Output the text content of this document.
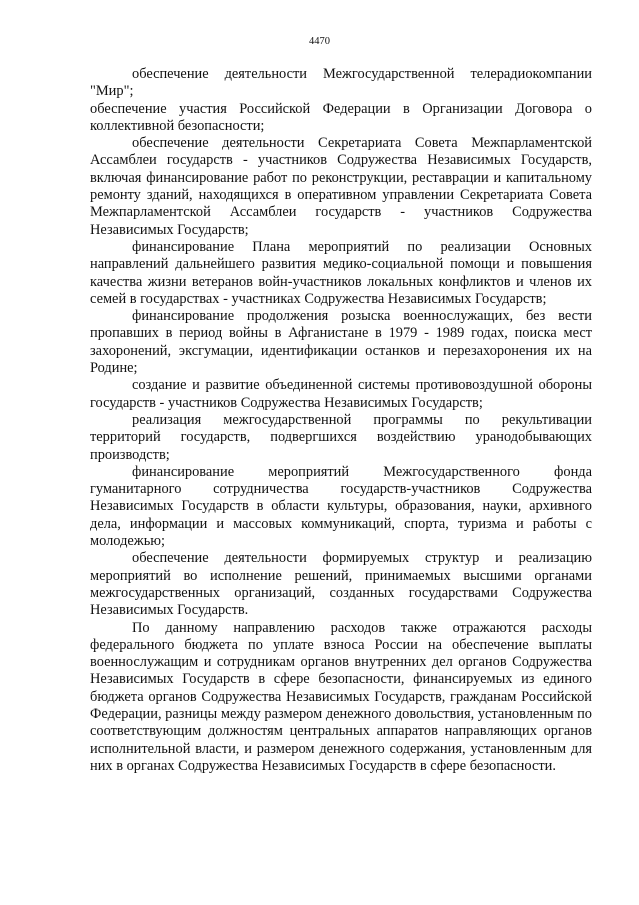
4470

обеспечение деятельности Межгосударственной телерадиокомпании "Мир";

обеспечение участия Российской Федерации в Организации Договора о коллективной безопасности;

обеспечение деятельности Секретариата Совета Межпарламентской Ассамблеи государств - участников Содружества Независимых Государств, включая финансирование работ по реконструкции, реставрации и капитальному ремонту зданий, находящихся в оперативном управлении Секретариата Совета Межпарламентской Ассамблеи государств - участников Содружества Независимых Государств;

финансирование Плана мероприятий по реализации Основных направлений дальнейшего развития медико-социальной помощи и повышения качества жизни ветеранов войн-участников локальных конфликтов и членов их семей в государствах - участниках Содружества Независимых Государств;

финансирование продолжения розыска военнослужащих, без вести пропавших в период войны в Афганистане в 1979 - 1989 годах, поиска мест захоронений, эксгумации, идентификации останков и перезахоронения их на Родине;

создание и развитие объединенной системы противовоздушной обороны государств - участников Содружества Независимых Государств;

реализация межгосударственной программы по рекультивации территорий государств, подвергшихся воздействию уранодобывающих производств;

финансирование мероприятий Межгосударственного фонда гуманитарного сотрудничества государств-участников Содружества Независимых Государств в области культуры, образования, науки, архивного дела, информации и массовых коммуникаций, спорта, туризма и работы с молодежью;

обеспечение деятельности формируемых структур и реализацию мероприятий во исполнение решений, принимаемых высшими органами межгосударственных организаций, созданных государствами Содружества Независимых Государств.

По данному направлению расходов также отражаются расходы федерального бюджета по уплате взноса России на обеспечение выплаты военнослужащим и сотрудникам органов внутренних дел органов Содружества Независимых Государств в сфере безопасности, финансируемых из единого бюджета органов Содружества Независимых Государств, гражданам Российской Федерации, разницы между размером денежного довольствия, установленным по соответствующим должностям центральных аппаратов направляющих органов исполнительной власти, и размером денежного содержания, установленным для них в органах Содружества Независимых Государств в сфере безопасности.
